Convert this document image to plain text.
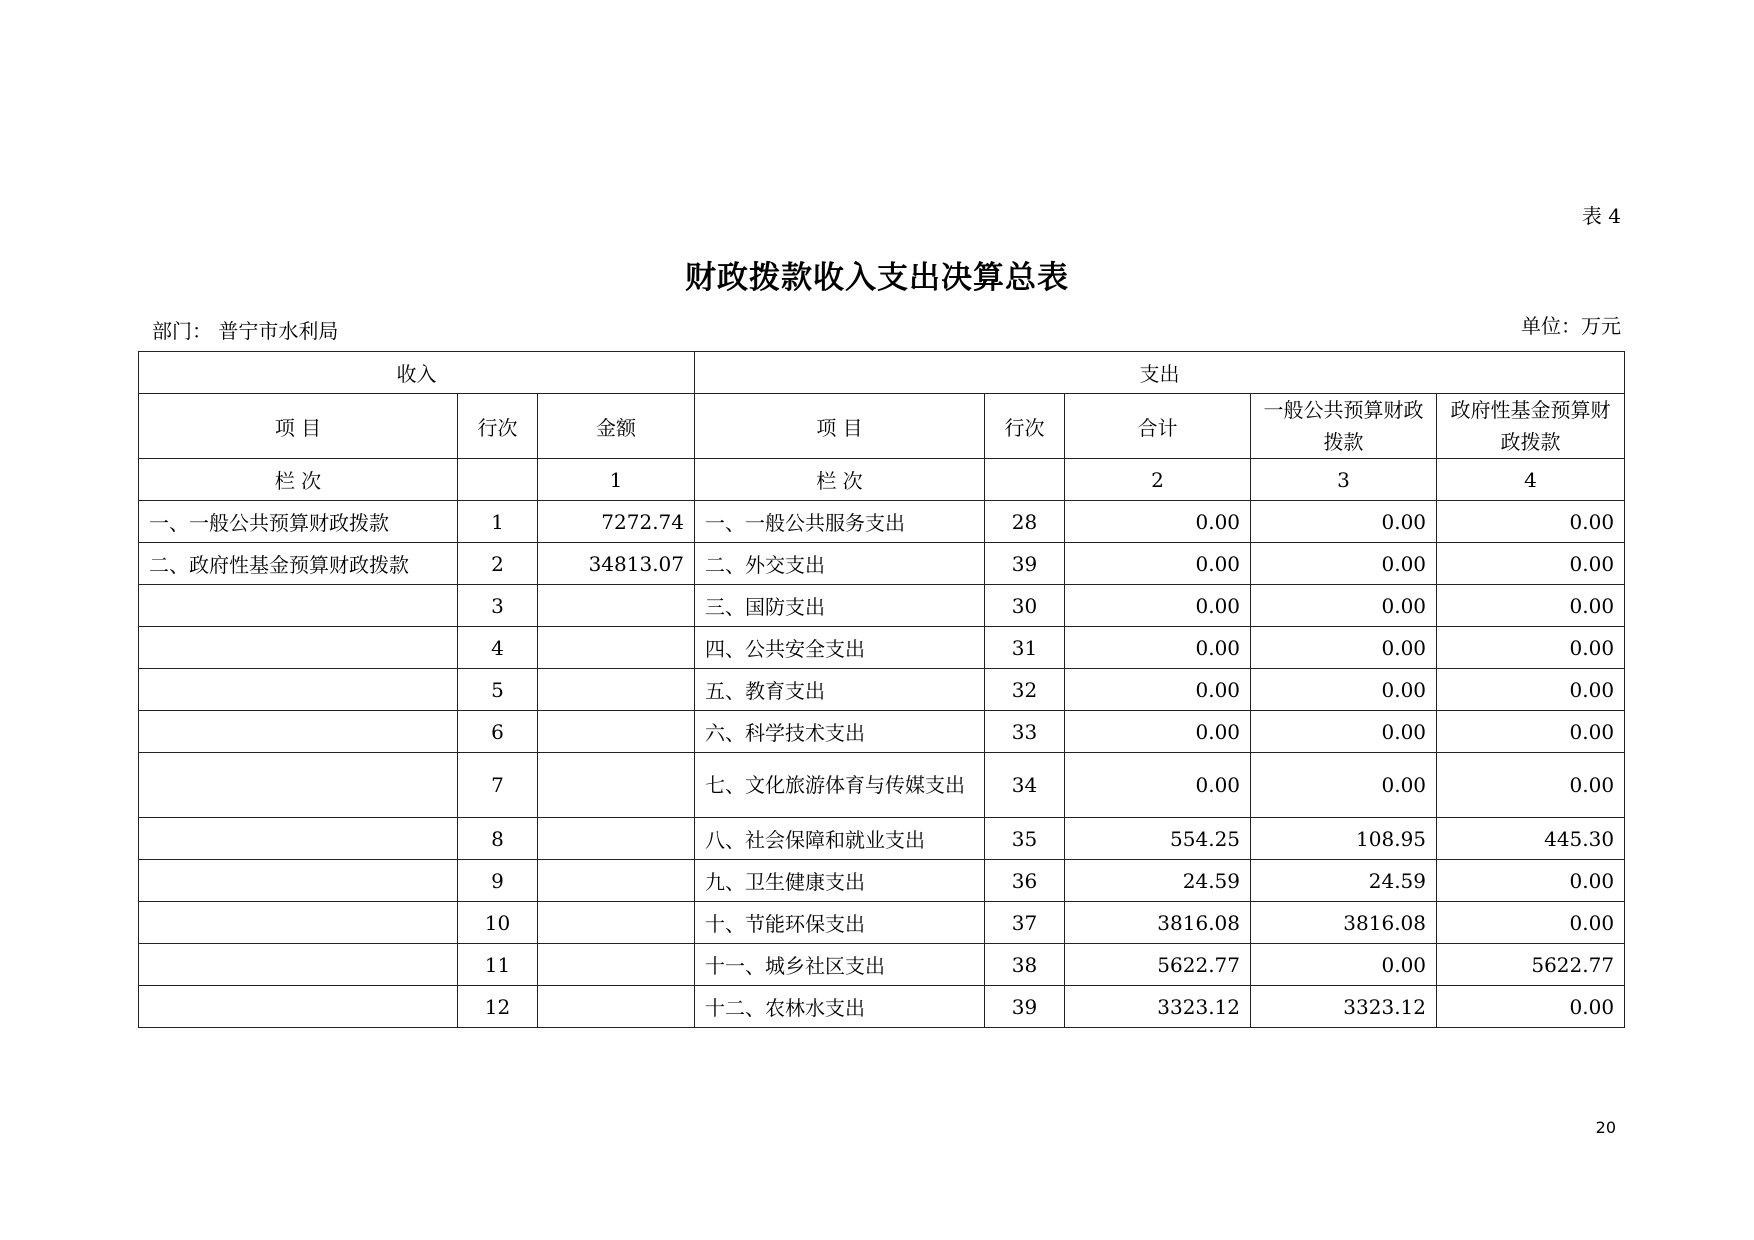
表 4
财政拨款收入支出决算总表
部门： 普宁市水利局	单位：万元
收入			支出				
项 目	行次	金额	项 目	行次	合计	一般公共预算财政拨款	政府性基金预算财政拨款
栏 次		1	栏 次		2	3	4
一、一般公共预算财政拨款	1	7272.74	一、一般公共服务支出	28	0.00	0.00	0.00
二、政府性基金预算财政拨款	2	34813.07	二、外交支出	39	0.00	0.00	0.00
	3		三、国防支出	30	0.00	0.00	0.00
	4		四、公共安全支出	31	0.00	0.00	0.00
	5		五、教育支出	32	0.00	0.00	0.00
	6		六、科学技术支出	33	0.00	0.00	0.00
	7		七、文化旅游体育与传媒支出	34	0.00	0.00	0.00
	8		八、社会保障和就业支出	35	554.25	108.95	445.30
	9		九、卫生健康支出	36	24.59	24.59	0.00
	10		十、节能环保支出	37	3816.08	3816.08	0.00
	11		十一、城乡社区支出	38	5622.77	0.00	5622.77
	12		十二、农林水支出	39	3323.12	3323.12	0.00
20
